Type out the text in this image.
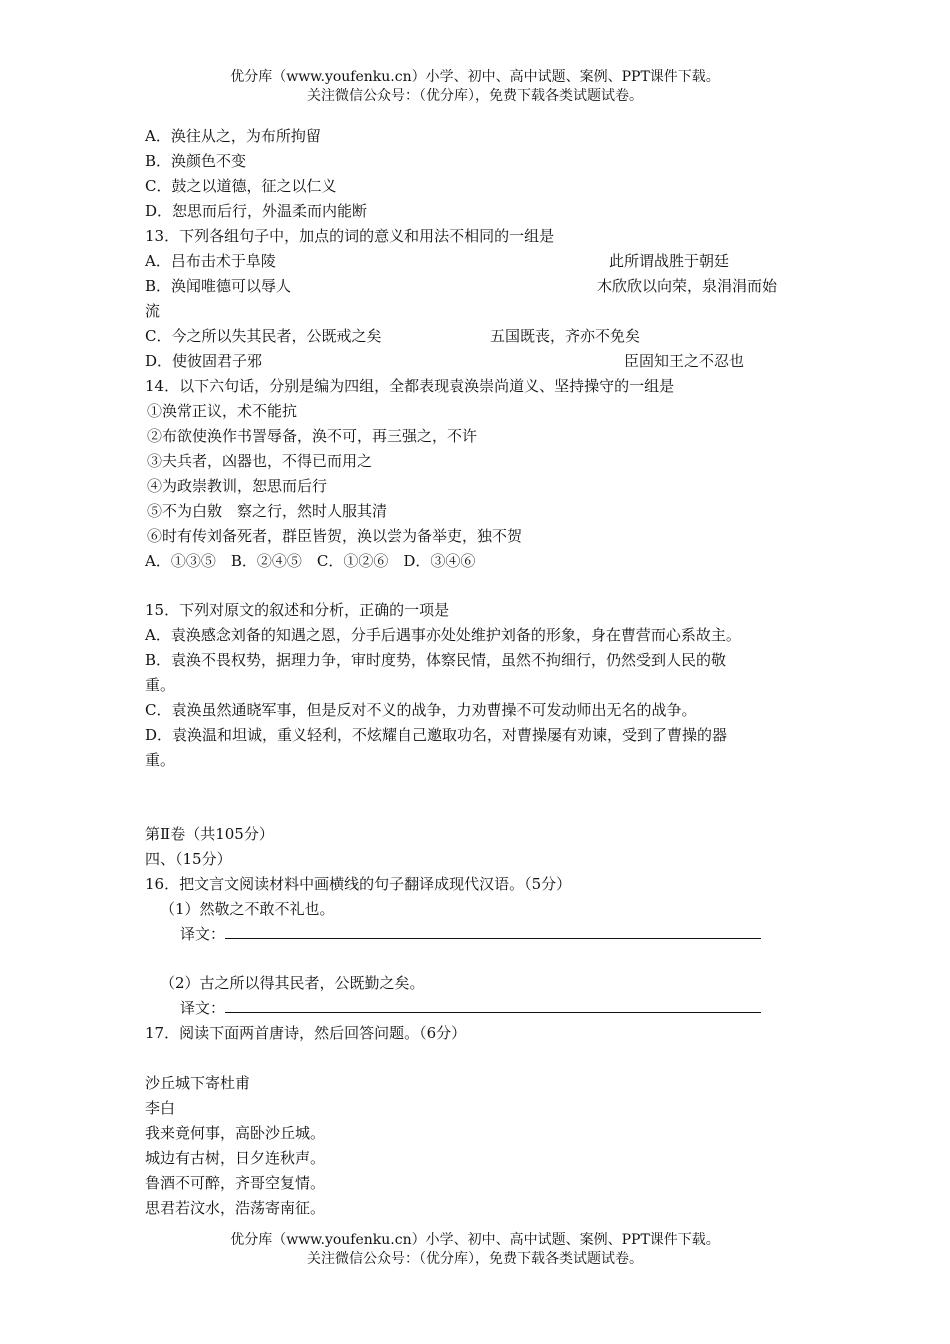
优分库（www.youfenku.cn）小学、初中、高中试题、案例、PPT课件下载。
关注微信公众号：（优分库），免费下载各类试题试卷。
A．涣往从之，为布所拘留
B．涣颜色不变
C．鼓之以道德，征之以仁义
D．恕思而后行，外温柔而内能断
13．下列各组句子中，加点的词的意义和用法不相同的一组是
A．吕布击术于阜陵	此所谓战胜于朝廷
B．涣闻唯德可以辱人	木欣欣以向荣，泉涓涓而始
流
C．今之所以失其民者，公既戒之矣	五国既丧，齐亦不免矣
D．使彼固君子邪	臣固知王之不忍也
14．以下六句话，分别是编为四组，全都表现袁涣崇尚道义、坚持操守的一组是
①涣常正议，术不能抗
②布欲使涣作书詈辱备，涣不可，再三强之，不许
③夫兵者，凶器也，不得已而用之
④为政崇教训，恕思而后行
⑤不为白敫　察之行，然时人服其清
⑥时有传刘备死者，群臣皆贺，涣以尝为备举吏，独不贺
A．①③⑤　B．②④⑤　C．①②⑥　D．③④⑥
15．下列对原文的叙述和分析，正确的一项是
A．袁涣感念刘备的知遇之恩，分手后遇事亦处处维护刘备的形象，身在曹营而心系故主。
B．袁涣不畏权势，据理力争，审时度势，体察民情，虽然不拘细行，仍然受到人民的敬
重。
C．袁涣虽然通晓军事，但是反对不义的战争，力劝曹操不可发动师出无名的战争。
D．袁涣温和坦诚，重义轻利，不炫耀自己邀取功名，对曹操屡有劝谏，受到了曹操的器
重。
第Ⅱ卷（共105分）
四、（15分）
16．把文言文阅读材料中画横线的句子翻译成现代汉语。（5分）
（1）然敬之不敢不礼也。
译文：
（2）古之所以得其民者，公既勤之矣。
译文：
17．阅读下面两首唐诗，然后回答问题。（6分）
沙丘城下寄杜甫
李白
我来竟何事，高卧沙丘城。
城边有古树，日夕连秋声。
鲁酒不可醉，齐哥空复情。
思君若汶水，浩荡寄南征。
优分库（www.youfenku.cn）小学、初中、高中试题、案例、PPT课件下载。
关注微信公众号：（优分库），免费下载各类试题试卷。
